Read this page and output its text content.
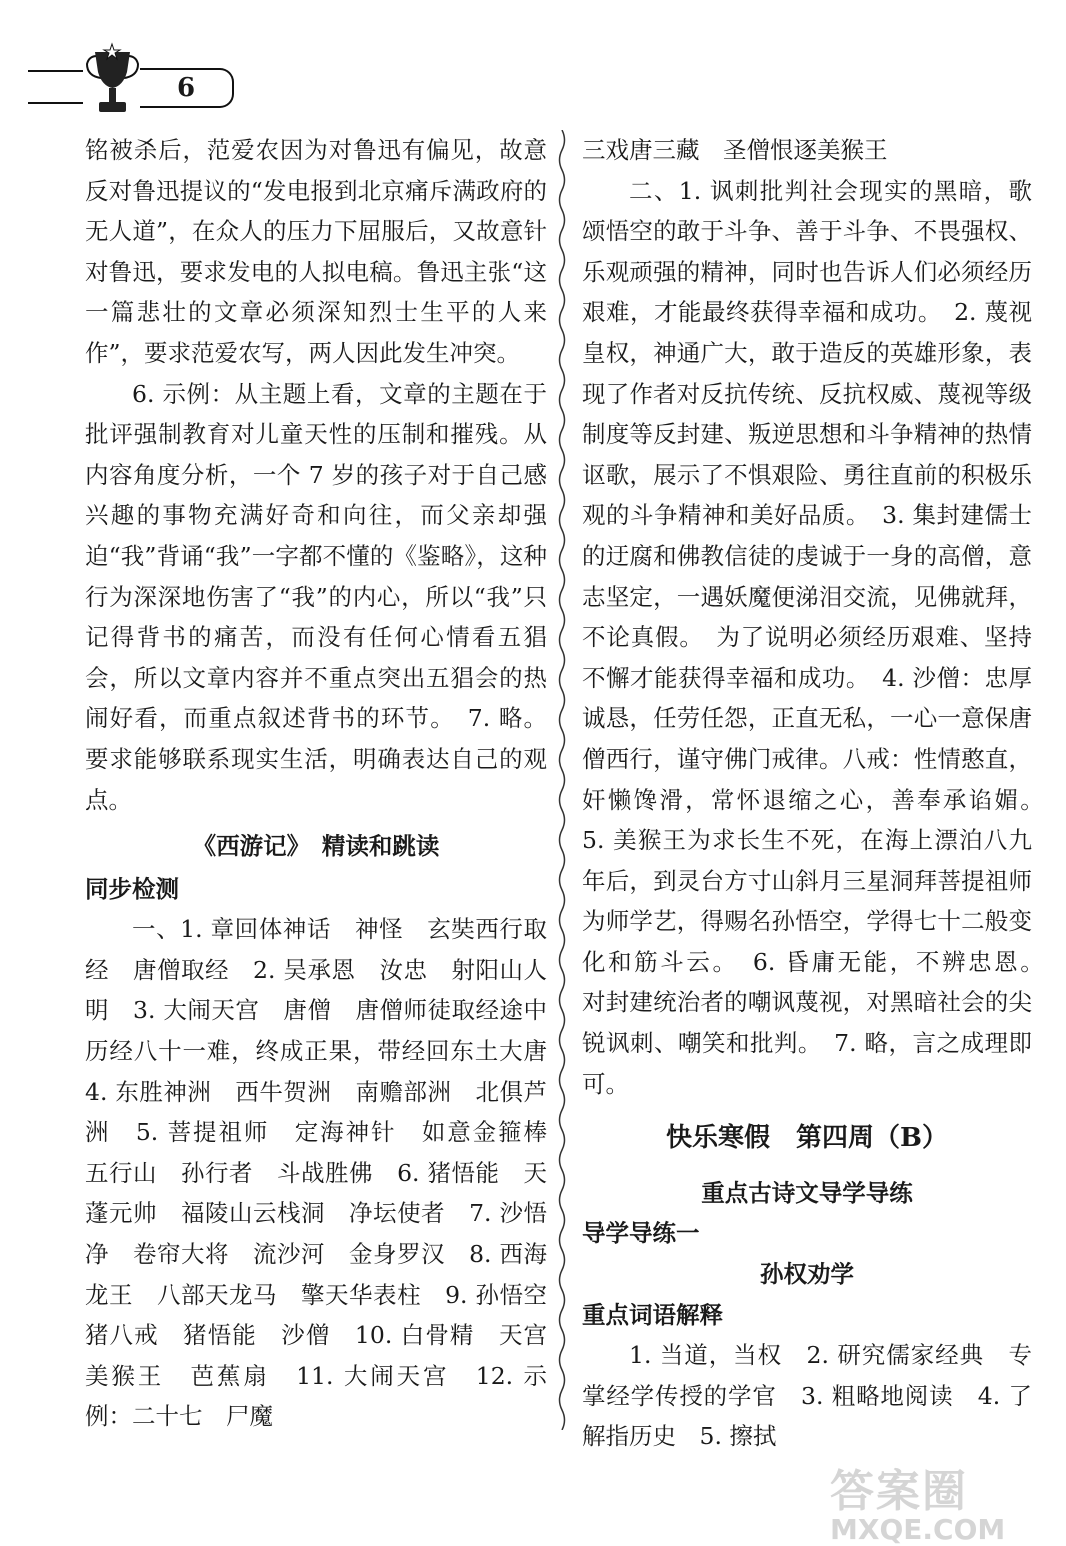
6

铭被杀后，范爱农因为对鲁迅有偏见，故意反对鲁迅提议的“发电报到北京痛斥满政府的无人道”，在众人的压力下屈服后，又故意针对鲁迅，要求发电的人拟电稿。鲁迅主张“这一篇悲壮的文章必须深知烈士生平的人来作”，要求范爱农写，两人因此发生冲突。

6. 示例：从主题上看，文章的主题在于批评强制教育对儿童天性的压制和摧残。从内容角度分析，一个 7 岁的孩子对于自己感兴趣的事物充满好奇和向往，而父亲却强迫“我”背诵“我”一字都不懂的《鉴略》，这种行为深深地伤害了“我”的内心，所以“我”只记得背书的痛苦，而没有任何心情看五猖会，所以文章内容并不重点突出五猖会的热闹好看，而重点叙述背书的环节。　7. 略。要求能够联系现实生活，明确表达自己的观点。

《西游记》　精读和跳读

同步检测

一、1. 章回体神话　神怪　玄奘西行取经　唐僧取经　2. 吴承恩　汝忠　射阳山人　明　3. 大闹天宫　唐僧　唐僧师徒取经途中历经八十一难，终成正果，带经回东土大唐　4. 东胜神洲　西牛贺洲　南赡部洲　北俱芦洲　5. 菩提祖师　定海神针　如意金箍棒　五行山　孙行者　斗战胜佛　6. 猪悟能　天蓬元帅　福陵山云栈洞　净坛使者　7. 沙悟净　卷帘大将　流沙河　金身罗汉　8. 西海龙王　八部天龙马　擎天华表柱　9. 孙悟空　猪八戒　猪悟能　沙僧　10. 白骨精　天宫　美猴王　芭蕉扇　11. 大闹天宫　12. 示例：二十七　尸魔

三戏唐三藏　圣僧恨逐美猴王

二、1. 讽刺批判社会现实的黑暗，歌颂悟空的敢于斗争、善于斗争、不畏强权、乐观顽强的精神，同时也告诉人们必须经历艰难，才能最终获得幸福和成功。　2. 蔑视皇权，神通广大，敢于造反的英雄形象，表现了作者对反抗传统、反抗权威、蔑视等级制度等反封建、叛逆思想和斗争精神的热情讴歌，展示了不惧艰险、勇往直前的积极乐观的斗争精神和美好品质。　3. 集封建儒士的迂腐和佛教信徒的虔诚于一身的高僧，意志坚定，一遇妖魔便涕泪交流，见佛就拜，不论真假。　为了说明必须经历艰难、坚持不懈才能获得幸福和成功。　4. 沙僧：忠厚诚恳，任劳任怨，正直无私，一心一意保唐僧西行，谨守佛门戒律。八戒：性情憨直，奸懒馋滑，常怀退缩之心，善奉承谄媚。　5. 美猴王为求长生不死，在海上漂泊八九年后，到灵台方寸山斜月三星洞拜菩提祖师为师学艺，得赐名孙悟空，学得七十二般变化和筋斗云。　6. 昏庸无能，不辨忠恩。　对封建统治者的嘲讽蔑视，对黑暗社会的尖锐讽刺、嘲笑和批判。　7. 略，言之成理即可。

快乐寒假　第四周（B）

重点古诗文导学导练

导学导练一

孙权劝学

重点词语解释

1. 当道，当权　2. 研究儒家经典　专掌经学传授的学官　3. 粗略地阅读　4. 了解指历史　5. 擦拭

答案圈
MXQE.COM
